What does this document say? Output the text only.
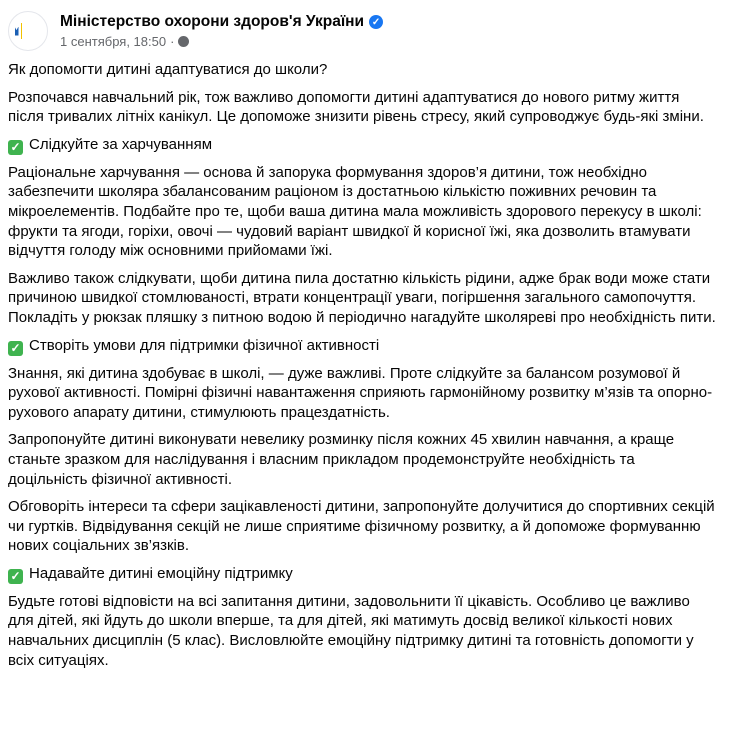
Міністерство охорони здоров'я України ✓
1 сентября, 18:50 ·

Як допомогти дитині адаптуватися до школи?

Розпочався навчальний рік, тож важливо допомогти дитині адаптуватися до нового ритму життя після тривалих літніх канікул. Це допоможе знизити рівень стресу, який супроводжує будь-які зміни.

✓ Слідкуйте за харчуванням

Раціональне харчування — основа й запорука формування здоров’я дитини, тож необхідно забезпечити школяра збалансованим раціоном із достатньою кількістю поживних речовин та мікроелементів. Подбайте про те, щоби ваша дитина мала можливість здорового перекусу в школі: фрукти та ягоди, горіхи, овочі — чудовий варіант швидкої й корисної їжі, яка дозволить втамувати відчуття голоду між основними прийомами їжі.

Важливо також слідкувати, щоби дитина пила достатню кількість рідини, адже брак води може стати причиною швидкої стомлюваності, втрати концентрації уваги, погіршення загального самопочуття. Покладіть у рюкзак пляшку з питною водою й періодично нагадуйте школяреві про необхідність пити.

✓ Створіть умови для підтримки фізичної активності

Знання, які дитина здобуває в школі, — дуже важливі. Проте слідкуйте за балансом розумової й рухової активності. Помірні фізичні навантаження сприяють гармонійному розвитку м’язів та опорно-рухового апарату дитини, стимулюють працездатність.

Запропонуйте дитині виконувати невелику розминку після кожних 45 хвилин навчання, а краще станьте зразком для наслідування і власним прикладом продемонструйте необхідність та доцільність фізичної активності.

Обговоріть інтереси та сфери зацікавленості дитини, запропонуйте долучитися до спортивних секцій чи гуртків. Відвідування секцій не лише сприятиме фізичному розвитку, а й допоможе формуванню нових соціальних зв’язків.

✓ Надавайте дитині емоційну підтримку

Будьте готові відповісти на всі запитання дитини, задовольнити її цікавість. Особливо це важливо для дітей, які йдуть до школи вперше, та для дітей, які матимуть досвід великої кількості нових навчальних дисциплін (5 клас). Висловлюйте емоційну підтримку дитині та готовність допомогти у всіх ситуаціях.
